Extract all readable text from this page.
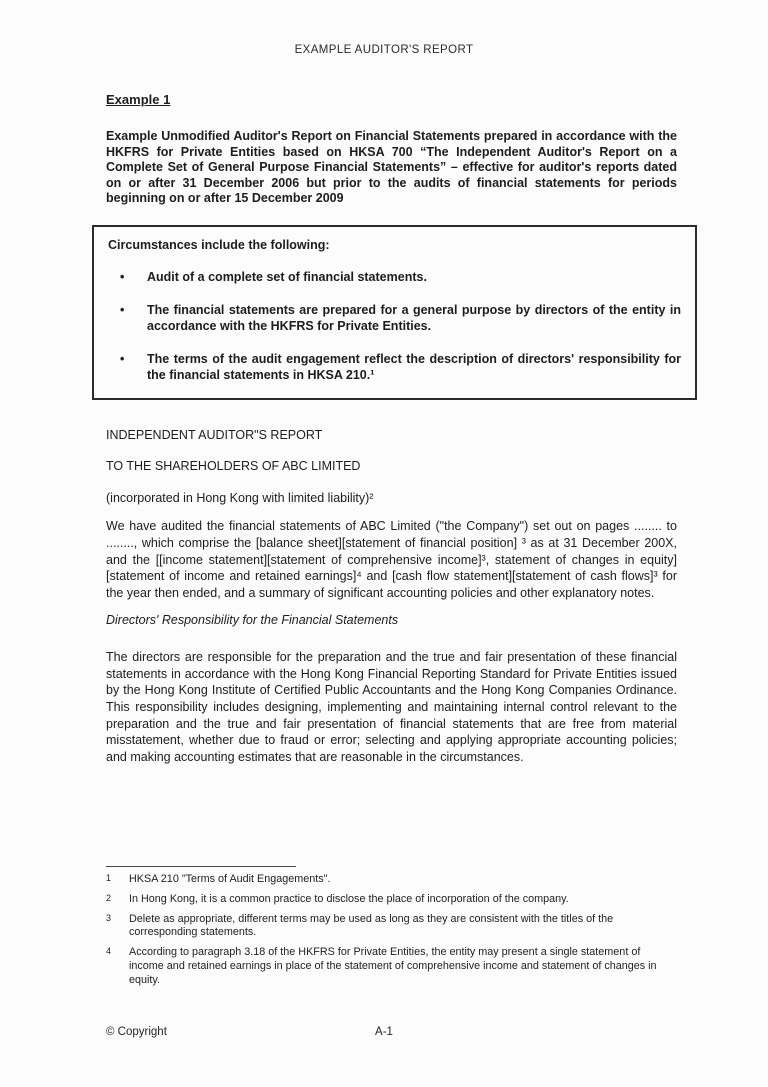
EXAMPLE AUDITOR'S REPORT
Example 1
Example Unmodified Auditor's Report on Financial Statements prepared in accordance with the HKFRS for Private Entities based on HKSA 700 “The Independent Auditor's Report on a Complete Set of General Purpose Financial Statements” – effective for auditor's reports dated on or after 31 December 2006 but prior to the audits of financial statements for periods beginning on or after 15 December 2009
Circumstances include the following:
•	Audit of a complete set of financial statements.
•	The financial statements are prepared for a general purpose by directors of the entity in accordance with the HKFRS for Private Entities.
•	The terms of the audit engagement reflect the description of directors' responsibility for the financial statements in HKSA 210.¹
INDEPENDENT AUDITOR"S REPORT
TO THE SHAREHOLDERS OF ABC LIMITED
(incorporated in Hong Kong with limited liability)²
We have audited the financial statements of ABC Limited ("the Company") set out on pages ........ to ........, which comprise the [balance sheet][statement of financial position] ³ as at 31 December 200X, and the [[income statement][statement of comprehensive income]³, statement of changes in equity][statement of income and retained earnings]⁴ and [cash flow statement][statement of cash flows]³ for the year then ended, and a summary of significant accounting policies and other explanatory notes.
Directors' Responsibility for the Financial Statements
The directors are responsible for the preparation and the true and fair presentation of these financial statements in accordance with the Hong Kong Financial Reporting Standard for Private Entities issued by the Hong Kong Institute of Certified Public Accountants and the Hong Kong Companies Ordinance. This responsibility includes designing, implementing and maintaining internal control relevant to the preparation and the true and fair presentation of financial statements that are free from material misstatement, whether due to fraud or error; selecting and applying appropriate accounting policies; and making accounting estimates that are reasonable in the circumstances.
1	HKSA 210 "Terms of Audit Engagements".
2	In Hong Kong, it is a common practice to disclose the place of incorporation of the company.
3	Delete as appropriate, different terms may be used as long as they are consistent with the titles of the corresponding statements.
4	According to paragraph 3.18 of the HKFRS for Private Entities, the entity may present a single statement of income and retained earnings in place of the statement of comprehensive income and statement of changes in equity.
© Copyright	A-1
